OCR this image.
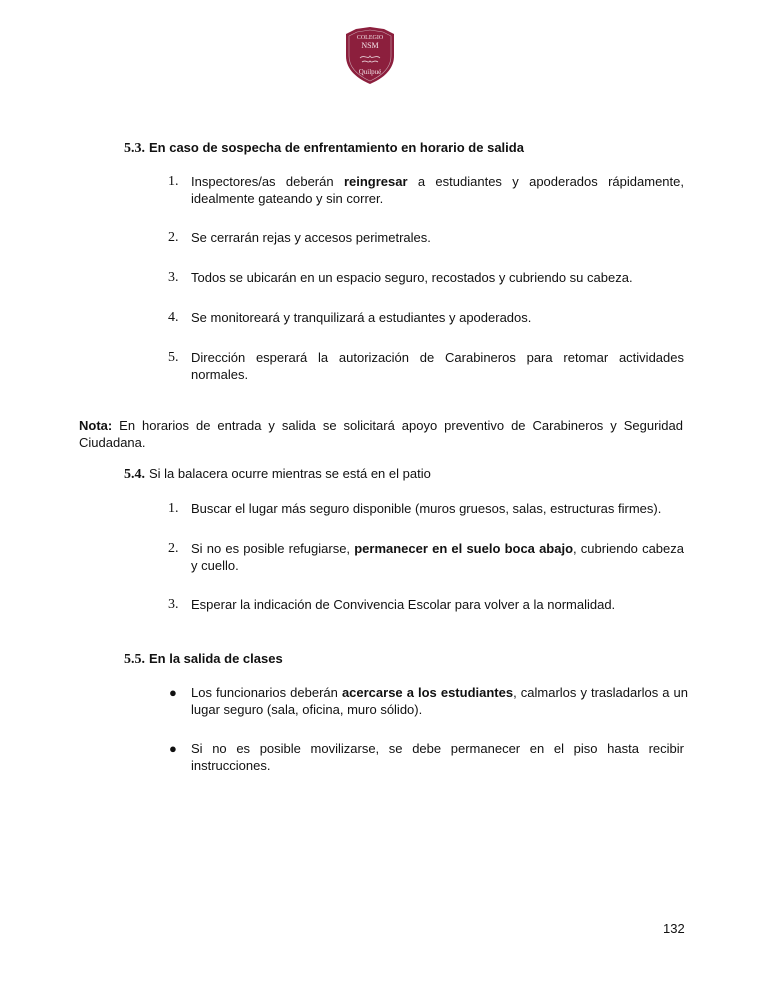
COLEGIO
NSM
Quilpué
5.3. En caso de sospecha de enfrentamiento en horario de salida
1. Inspectores/as deberán reingresar a estudiantes y apoderados rápidamente, idealmente gateando y sin correr.
2. Se cerrarán rejas y accesos perimetrales.
3. Todos se ubicarán en un espacio seguro, recostados y cubriendo su cabeza.
4. Se monitoreará y tranquilizará a estudiantes y apoderados.
5. Dirección esperará la autorización de Carabineros para retomar actividades normales.
Nota: En horarios de entrada y salida se solicitará apoyo preventivo de Carabineros y Seguridad Ciudadana.
5.4. Si la balacera ocurre mientras se está en el patio
1. Buscar el lugar más seguro disponible (muros gruesos, salas, estructuras firmes).
2. Si no es posible refugiarse, permanecer en el suelo boca abajo, cubriendo cabeza y cuello.
3. Esperar la indicación de Convivencia Escolar para volver a la normalidad.
5.5. En la salida de clases
● Los funcionarios deberán acercarse a los estudiantes, calmarlos y trasladarlos a un lugar seguro (sala, oficina, muro sólido).
● Si no es posible movilizarse, se debe permanecer en el piso hasta recibir instrucciones.
132
